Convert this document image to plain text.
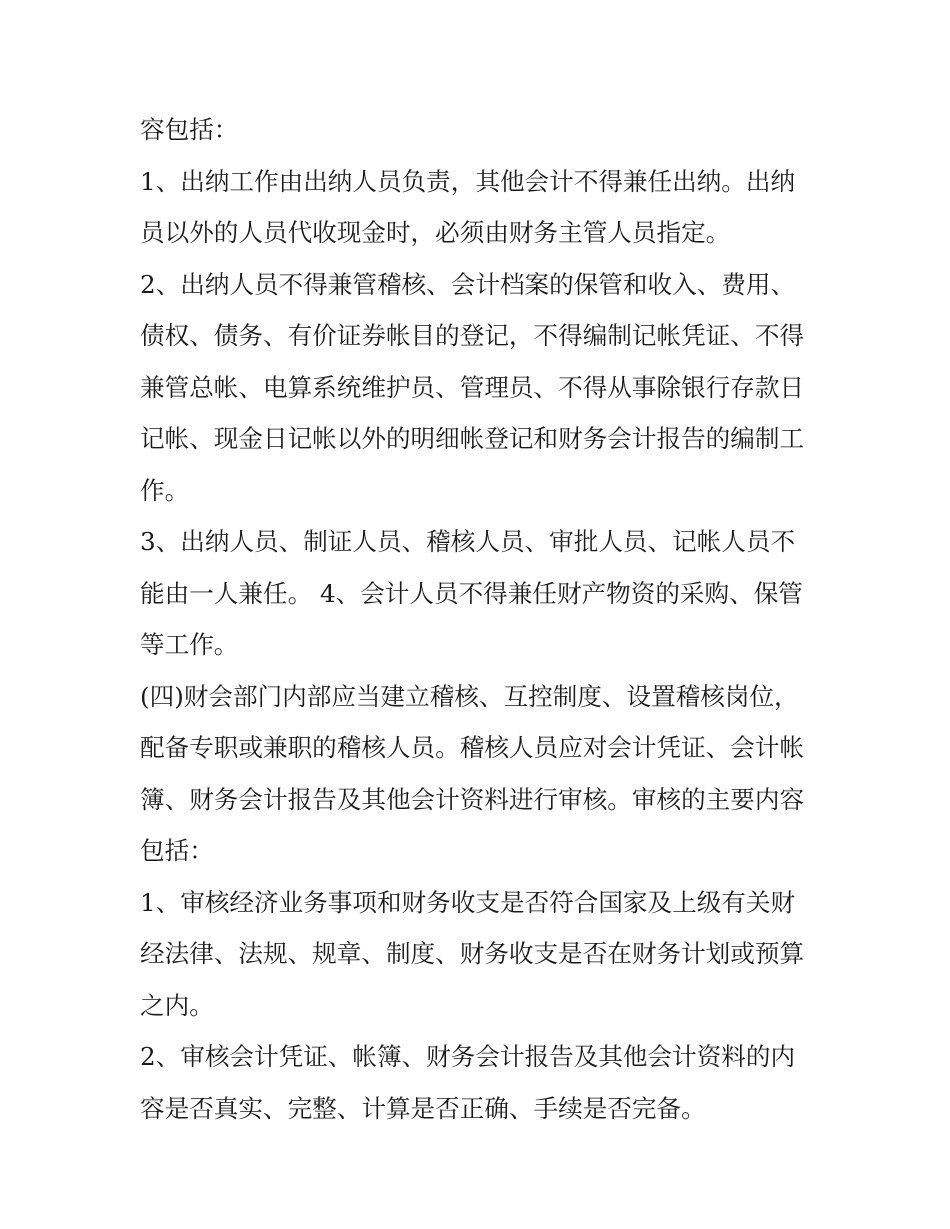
容包括：
1、出纳工作由出纳人员负责，其他会计不得兼任出纳。出纳
员以外的人员代收现金时，必须由财务主管人员指定。
2、出纳人员不得兼管稽核、会计档案的保管和收入、费用、
债权、债务、有价证券帐目的登记，不得编制记帐凭证、不得
兼管总帐、电算系统维护员、管理员、不得从事除银行存款日
记帐、现金日记帐以外的明细帐登记和财务会计报告的编制工
作。
3、出纳人员、制证人员、稽核人员、审批人员、记帐人员不
能由一人兼任。 4、会计人员不得兼任财产物资的采购、保管
等工作。
(四)财会部门内部应当建立稽核、互控制度、设置稽核岗位，
配备专职或兼职的稽核人员。稽核人员应对会计凭证、会计帐
簿、财务会计报告及其他会计资料进行审核。审核的主要内容
包括：
1、审核经济业务事项和财务收支是否符合国家及上级有关财
经法律、法规、规章、制度、财务收支是否在财务计划或预算
之内。
2、审核会计凭证、帐簿、财务会计报告及其他会计资料的内
容是否真实、完整、计算是否正确、手续是否完备。
